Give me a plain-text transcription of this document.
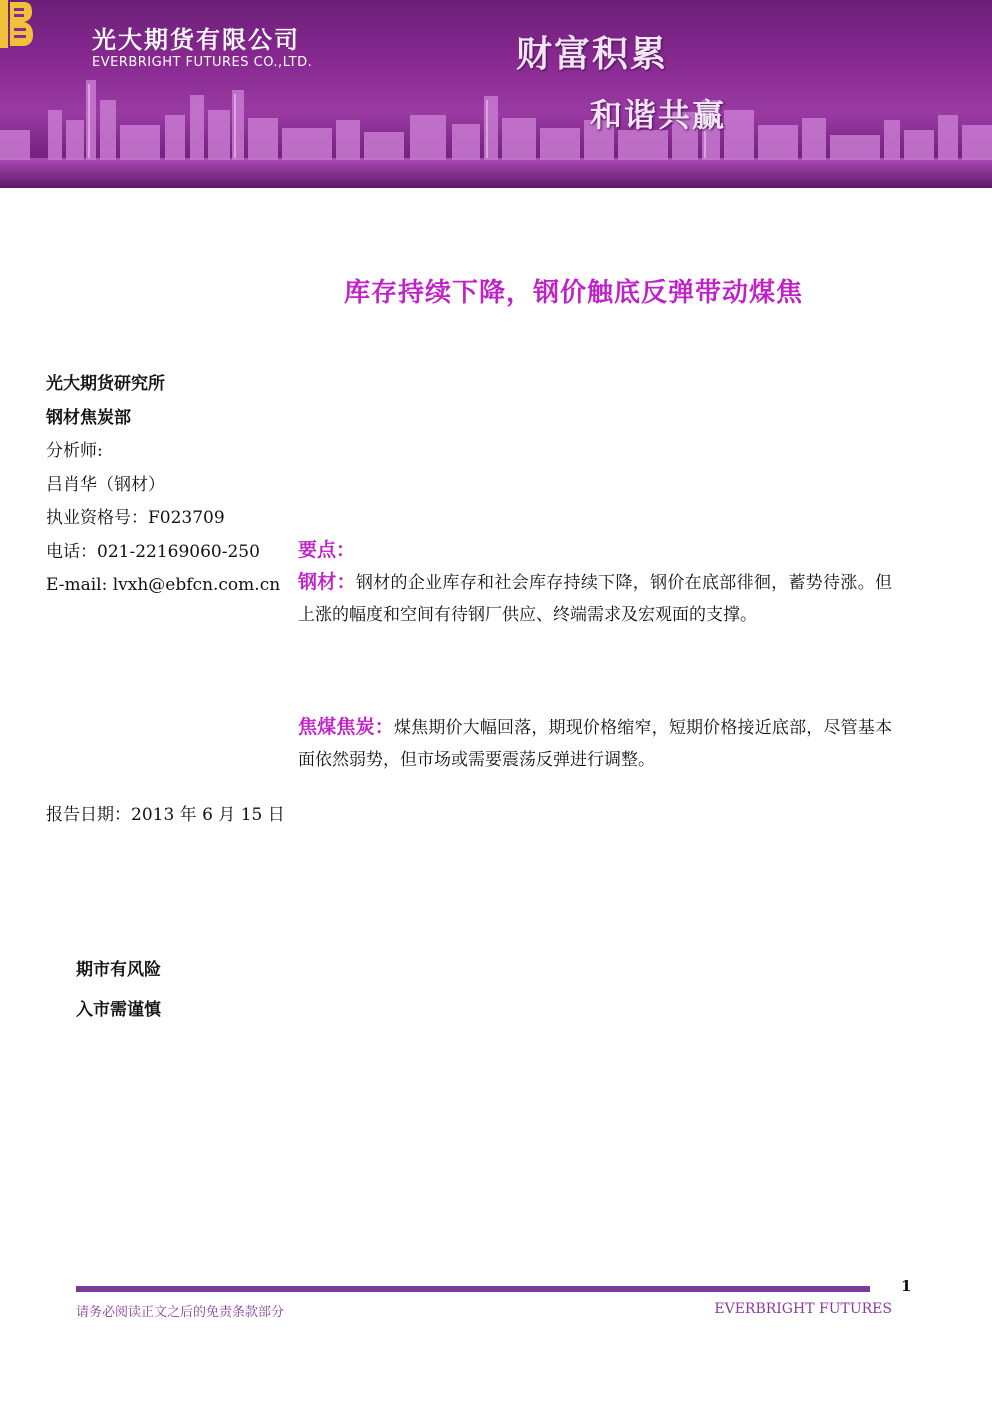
光大期货有限公司
EVERBRIGHT FUTURES CO.,LTD.	财富积累
和谐共赢
库存持续下降，钢价触底反弹带动煤焦
光大期货研究所
钢材焦炭部
分析师:
吕肖华（钢材）
执业资格号：F023709
电话：021-22169060-250
E-mail: lvxh@ebfcn.com.cn
要点：

钢材：钢材的企业库存和社会库存持续下降，钢价在底部徘徊，蓄势待涨。但上涨的幅度和空间有待钢厂供应、终端需求及宏观面的支撑。

焦煤焦炭：煤焦期价大幅回落，期现价格缩窄，短期价格接近底部，尽管基本面依然弱势，但市场或需要震荡反弹进行调整。

报告日期：2013 年 6 月 15 日
期市有风险
入市需谨慎
1
请务必阅读正文之后的免责条款部分	EVERBRIGHT FUTURES
